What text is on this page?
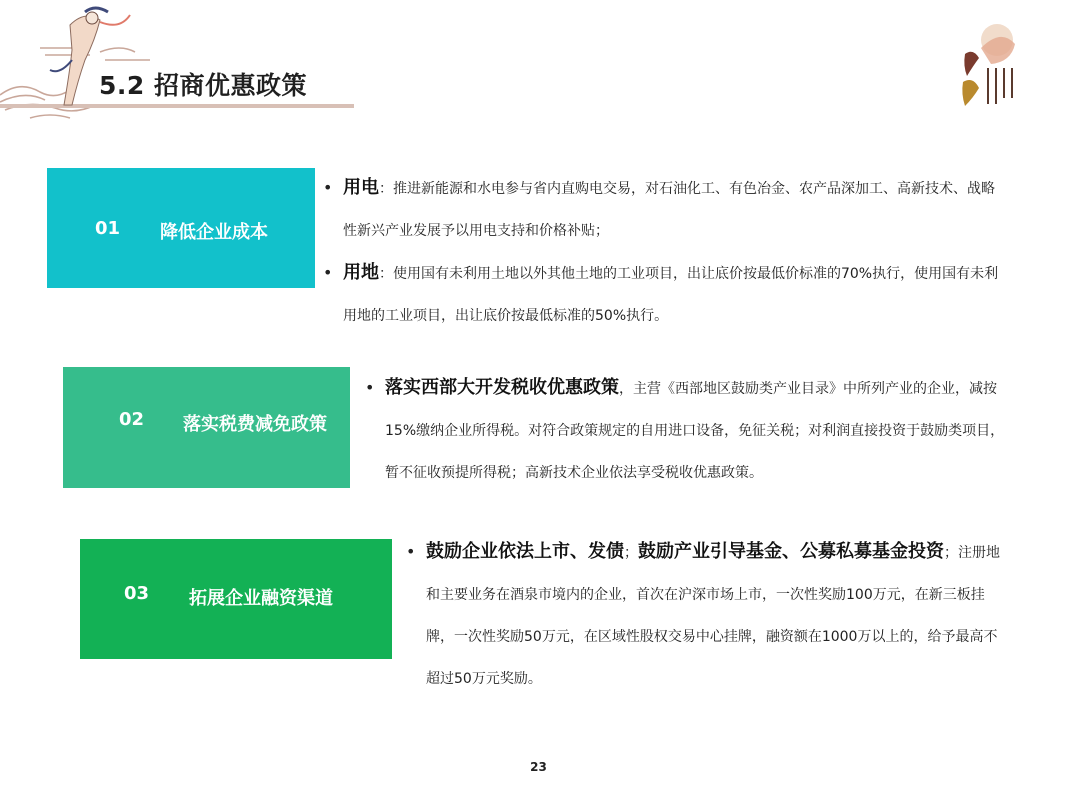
5.2 招商优惠政策
01 降低企业成本
• 用电：推进新能源和水电参与省内直购电交易，对石油化工、有色冶金、农产品深加工、高新技术、战略性新兴产业发展予以用电支持和价格补贴；
• 用地：使用国有未利用土地以外其他土地的工业项目，出让底价按最低价标准的70%执行，使用国有未利用地的工业项目，出让底价按最低标准的50%执行。
02 落实税费减免政策
• 落实西部大开发税收优惠政策，主营《西部地区鼓励类产业目录》中所列产业的企业，减按15%缴纳企业所得税。对符合政策规定的自用进口设备，免征关税；对利润直接投资于鼓励类项目，暂不征收预提所得税；高新技术企业依法享受税收优惠政策。
03 拓展企业融资渠道
• 鼓励企业依法上市、发债；鼓励产业引导基金、公募私募基金投资；注册地和主要业务在酒泉市境内的企业，首次在沪深市场上市，一次性奖励100万元，在新三板挂牌，一次性奖励50万元，在区域性股权交易中心挂牌，融资额在1000万以上的，给予最高不超过50万元奖励。
23
